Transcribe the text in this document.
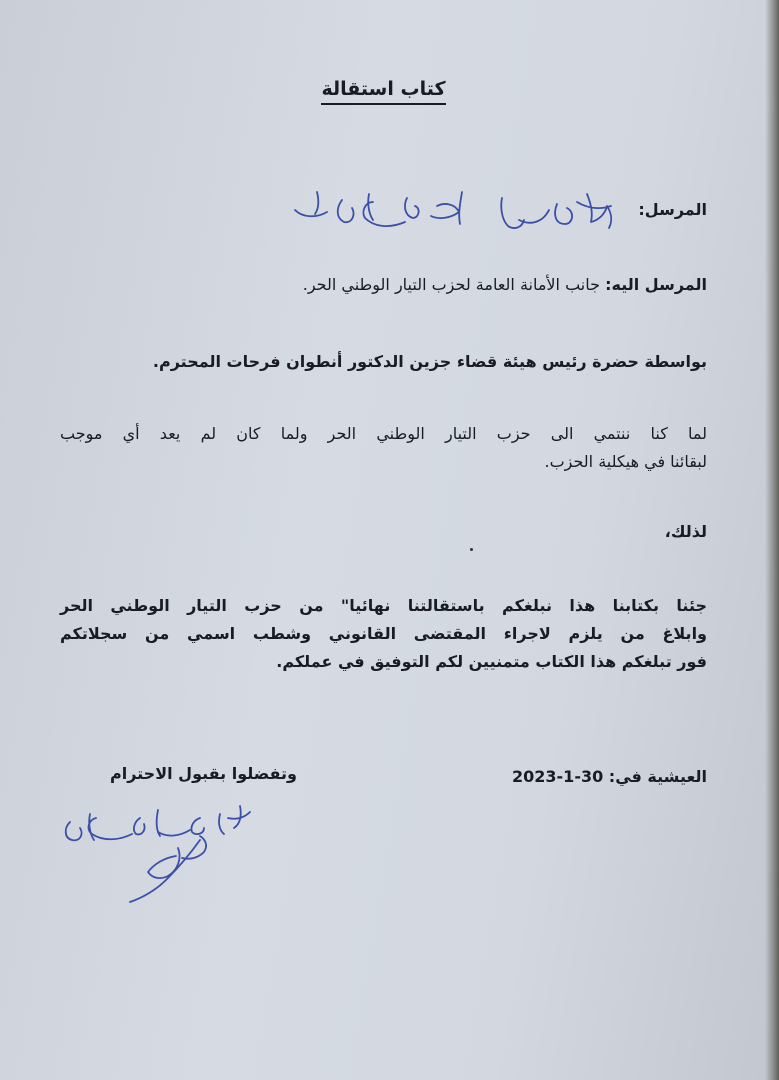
كتاب استقالة
المرسل:
المرسل اليه: جانب الأمانة العامة لحزب التيار الوطني الحر.
بواسطة حضرة رئيس هيئة قضاء جزين الدكتور أنطوان فرحات المحترم.
لما كنا ننتمي الى حزب التيار الوطني الحر ولما كان لم يعد أي موجب
لبقائنا في هيكلية الحزب.
لذلك،
جئنا بكتابنا هذا نبلغكم باستقالتنا نهائيا" من حزب التيار الوطني الحر
وابلاغ من يلزم لاجراء المقتضى القانوني وشطب اسمي من سجلاتكم
فور تبلغكم هذا الكتاب متمنيين لكم التوفيق في عملكم.
العيشية في: 30-1-2023
وتفضلوا بقبول الاحترام
